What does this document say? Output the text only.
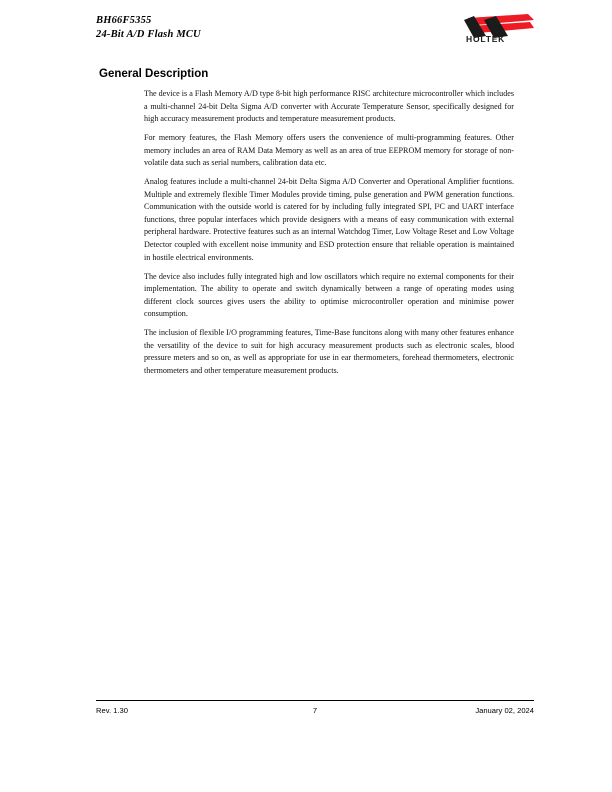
BH66F5355
24-Bit A/D Flash MCU	HOLTEK
General Description

The device is a Flash Memory A/D type 8-bit high performance RISC architecture microcontroller which includes a multi-channel 24-bit Delta Sigma A/D converter with Accurate Temperature Sensor, specifically designed for high accuracy measurement products and temperature measurement products.

For memory features, the Flash Memory offers users the convenience of multi-programming features. Other memory includes an area of RAM Data Memory as well as an area of true EEPROM memory for storage of non-volatile data such as serial numbers, calibration data etc.

Analog features include a multi-channel 24-bit Delta Sigma A/D Converter and Operational Amplifier fucntions. Multiple and extremely flexible Timer Modules provide timing, pulse generation and PWM generation functions. Communication with the outside world is catered for by including fully integrated SPI, I²C and UART interface functions, three popular interfaces which provide designers with a means of easy communication with external peripheral hardware. Protective features such as an internal Watchdog Timer, Low Voltage Reset and Low Voltage Detector coupled with excellent noise immunity and ESD protection ensure that reliable operation is maintained in hostile electrical environments.

The device also includes fully integrated high and low oscillators which require no external components for their implementation. The ability to operate and switch dynamically between a range of operating modes using different clock sources gives users the ability to optimise microcontroller operation and minimise power consumption.

The inclusion of flexible I/O programming features, Time-Base funcitons along with many other features enhance the versatility of the device to suit for high accuracy measurement products such as electronic scales, blood pressure meters and so on, as well as appropriate for use in ear thermometers, forehead thermometers, electronic thermometers and other temperature measurement products.

Rev. 1.30	7	January 02, 2024
